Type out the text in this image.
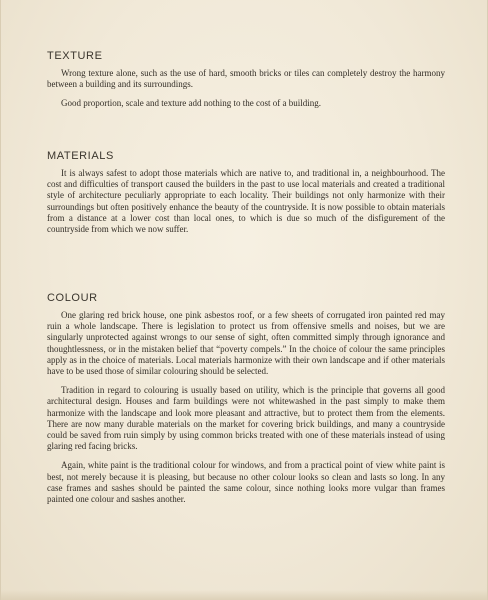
TEXTURE

Wrong texture alone, such as the use of hard, smooth bricks or tiles can completely destroy the harmony between a building and its surroundings.

Good proportion, scale and texture add nothing to the cost of a building.

MATERIALS

It is always safest to adopt those materials which are native to, and traditional in, a neighbourhood. The cost and difficulties of transport caused the builders in the past to use local materials and created a traditional style of architecture peculiarly appropriate to each locality. Their buildings not only harmonize with their surroundings but often positively enhance the beauty of the countryside. It is now possible to obtain materials from a distance at a lower cost than local ones, to which is due so much of the disfigurement of the countryside from which we now suffer.

COLOUR

One glaring red brick house, one pink asbestos roof, or a few sheets of corrugated iron painted red may ruin a whole landscape. There is legislation to protect us from offensive smells and noises, but we are singularly unprotected against wrongs to our sense of sight, often committed simply through ignorance and thoughtlessness, or in the mistaken belief that “poverty compels.” In the choice of colour the same principles apply as in the choice of materials. Local materials harmonize with their own landscape and if other materials have to be used those of similar colouring should be selected.

Tradition in regard to colouring is usually based on utility, which is the principle that governs all good architectural design. Houses and farm buildings were not whitewashed in the past simply to make them harmonize with the landscape and look more pleasant and attractive, but to protect them from the elements. There are now many durable materials on the market for covering brick buildings, and many a countryside could be saved from ruin simply by using common bricks treated with one of these materials instead of using glaring red facing bricks.

Again, white paint is the traditional colour for windows, and from a practical point of view white paint is best, not merely because it is pleasing, but because no other colour looks so clean and lasts so long. In any case frames and sashes should be painted the same colour, since nothing looks more vulgar than frames painted one colour and sashes another.
